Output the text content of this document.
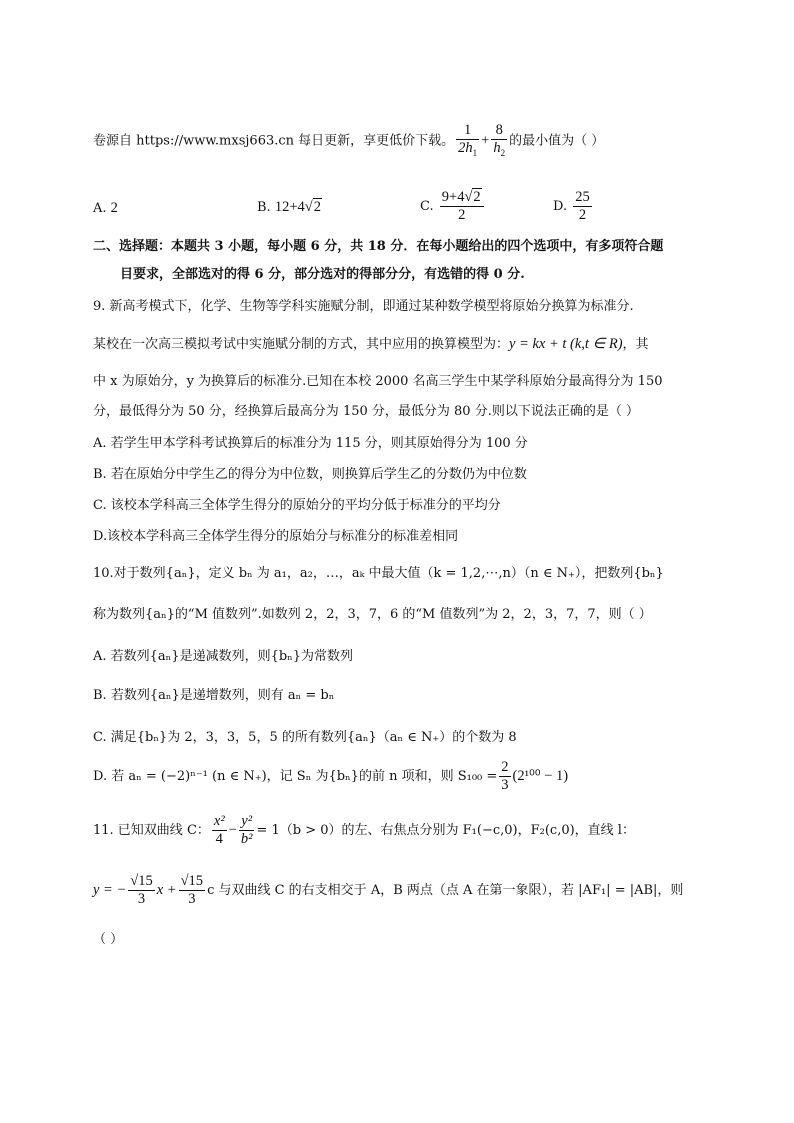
卷源自 https://www.mxsj663.cn 每日更新，享更低价下载。 $\frac{1}{2h_1} + \frac{8}{h_2}$ 的最小值为（ ）
A. 2	B. 12+4√2	C. $\frac{9+4√2}{2}$	D. $\frac{25}{2}$
二、选择题：本题共 3 小题，每小题 6 分，共 18 分．在每小题给出的四个选项中，有多项符合题
目要求，全部选对的得 6 分，部分选对的得部分分，有选错的得 0 分.
9. 新高考模式下，化学、生物等学科实施赋分制，即通过某种数学模型将原始分换算为标准分.
某校在一次高三模拟考试中实施赋分制的方式，其中应用的换算模型为：y = kx + t (k,t ∈ R)，其
中 x 为原始分，y 为换算后的标准分.已知在本校 2000 名高三学生中某学科原始分最高得分为 150
分，最低得分为 50 分，经换算后最高分为 150 分，最低分为 80 分.则以下说法正确的是（ ）
A. 若学生甲本学科考试换算后的标准分为 115 分，则其原始得分为 100 分
B. 若在原始分中学生乙的得分为中位数，则换算后学生乙的分数仍为中位数
C. 该校本学科高三全体学生得分的原始分的平均分低于标准分的平均分
D.该校本学科高三全体学生得分的原始分与标准分的标准差相同
10.对于数列{aₙ}，定义 bₙ 为 a₁，a₂，…，aₖ 中最大值（k = 1,2,⋯,n）（n ∈ N₊），把数列{bₙ}
称为数列{aₙ}的“M 值数列”.如数列 2，2，3，7，6 的“M 值数列”为 2，2，3，7，7，则（ ）
A. 若数列{aₙ}是递减数列，则{bₙ}为常数列
B. 若数列{aₙ}是递增数列，则有 aₙ = bₙ
C. 满足{bₙ}为 2，3，3，5，5 的所有数列{aₙ}（aₙ ∈ N₊）的个数为 8
D. 若 aₙ = (−2)ⁿ⁻¹ (n ∈ N₊)，记 Sₙ 为{bₙ}的前 n 项和，则 $S_{100} = \frac{2}{3} (2^{100} - 1)$
11. 已知双曲线 C： $\frac{\text{x²}}{4} - \frac{\text{y²}}{\text{b²}} = 1(b > 0)$的左、右焦点分别为 F₁(−c,0)，F₂(c,0)，直线 l：
y = − $\frac{√15}{3}$ $x + \frac{√15}{3}$ c 与双曲线 C 的右支相交于 A，B 两点（点 A 在第一象限），若 |AF₁| = |AB|，则
（ ）
